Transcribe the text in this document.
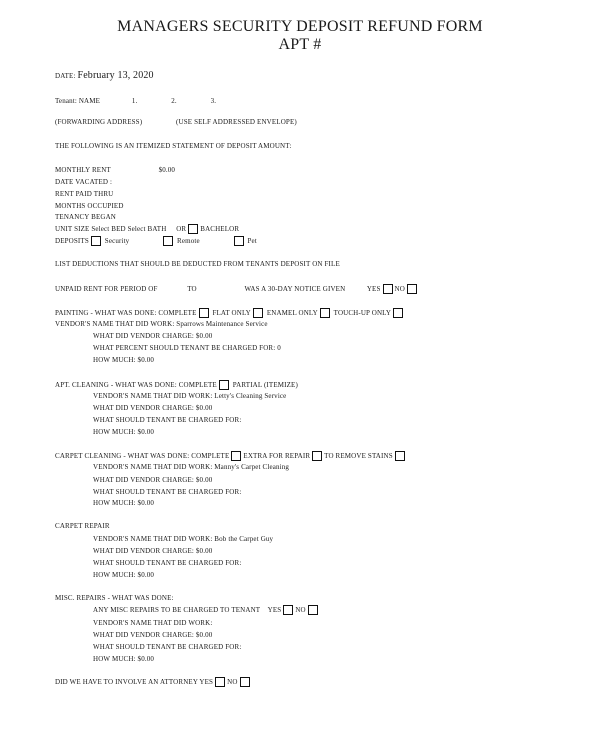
MANAGERS SECURITY DEPOSIT REFUND FORM
APT #
DATE: February 13, 2020
Tenant: NAME	1.	2.	3.
(FORWARDING ADDRESS)	(USE SELF ADDRESSED ENVELOPE)
THE FOLLOWING IS AN ITEMIZED STATEMENT OF DEPOSIT AMOUNT:
MONTHLY RENT	$0.00
DATE VACATED :
RENT PAID THRU
MONTHS OCCUPIED
TENANCY BEGAN
UNIT SIZE Select BED Select BATH OR BACHELOR
DEPOSITS Security	Remote	Pet
LIST DEDUCTIONS THAT SHOULD BE DEDUCTED FROM TENANTS DEPOSIT ON FILE
UNPAID RENT FOR PERIOD OF	TO	WAS A 30-DAY NOTICE GIVEN	YES NO
PAINTING - WHAT WAS DONE: COMPLETE FLAT ONLY ENAMEL ONLY TOUCH-UP ONLY
VENDOR'S NAME THAT DID WORK: Sparrows Maintenance Service
WHAT DID VENDOR CHARGE: $0.00
WHAT PERCENT SHOULD TENANT BE CHARGED FOR: 0
HOW MUCH: $0.00
APT. CLEANING - WHAT WAS DONE: COMPLETE PARTIAL (ITEMIZE)
VENDOR'S NAME THAT DID WORK: Letty's Cleaning Service
WHAT DID VENDOR CHARGE: $0.00
WHAT SHOULD TENANT BE CHARGED FOR:
HOW MUCH: $0.00
CARPET CLEANING - WHAT WAS DONE: COMPLETE EXTRA FOR REPAIR TO REMOVE STAINS
VENDOR'S NAME THAT DID WORK: Manny's Carpet Cleaning
WHAT DID VENDOR CHARGE: $0.00
WHAT SHOULD TENANT BE CHARGED FOR:
HOW MUCH: $0.00
CARPET REPAIR
VENDOR'S NAME THAT DID WORK: Bob the Carpet Guy
WHAT DID VENDOR CHARGE: $0.00
WHAT SHOULD TENANT BE CHARGED FOR:
HOW MUCH: $0.00
MISC. REPAIRS - WHAT WAS DONE:
ANY MISC REPAIRS TO BE CHARGED TO TENANT YES NO
VENDOR'S NAME THAT DID WORK:
WHAT DID VENDOR CHARGE: $0.00
WHAT SHOULD TENANT BE CHARGED FOR:
HOW MUCH: $0.00
DID WE HAVE TO INVOLVE AN ATTORNEY YES NO
